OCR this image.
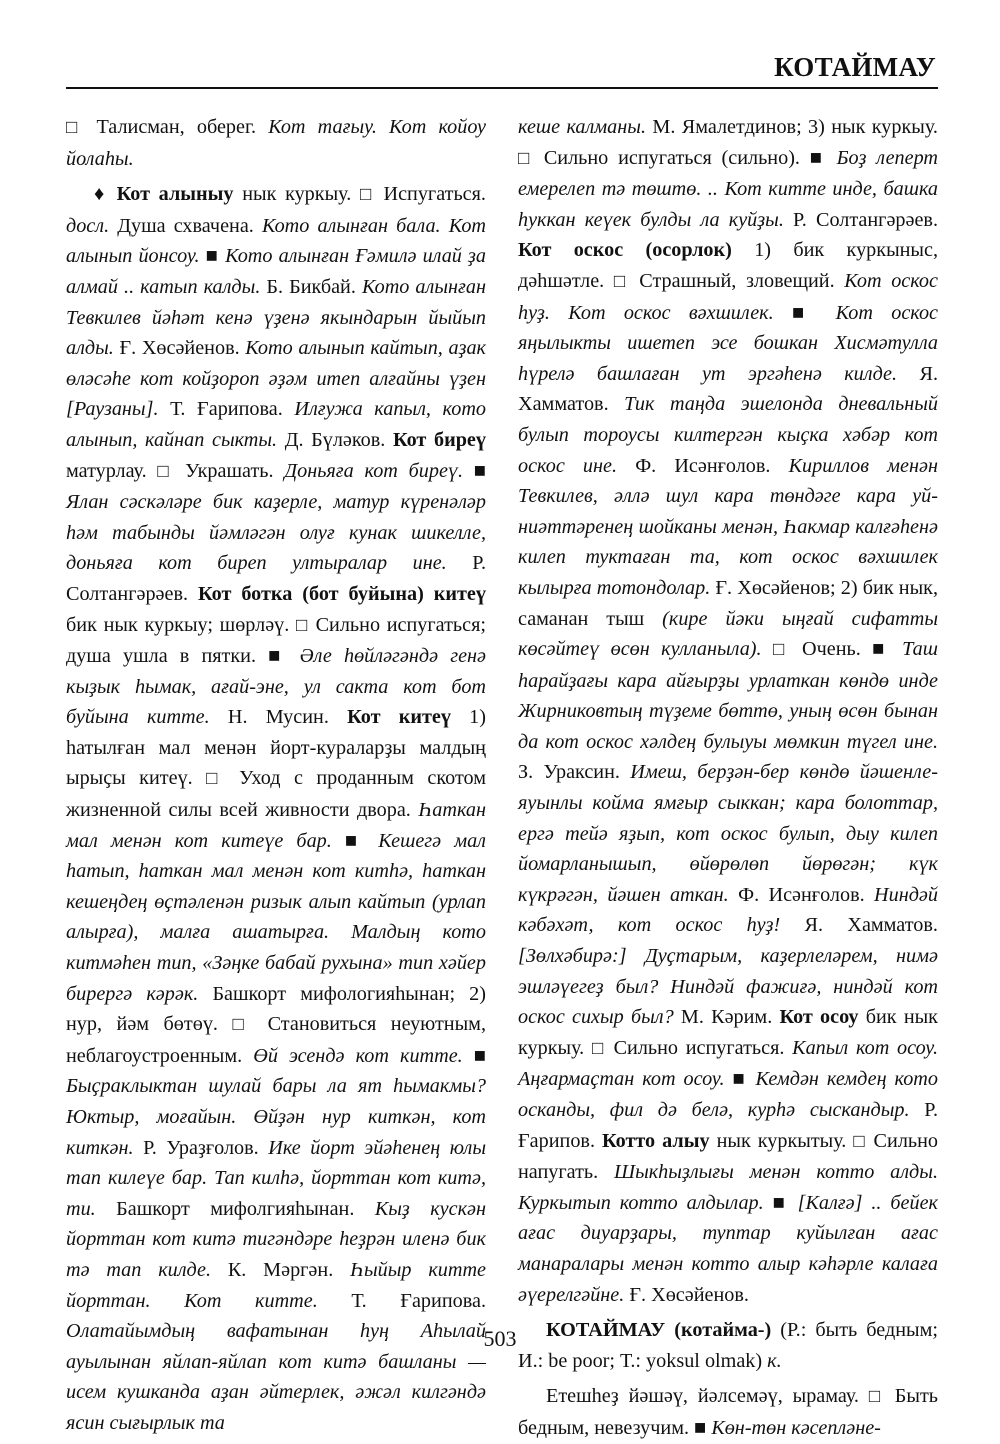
КОТАЙМАУ

□ Талисман, оберег. Кот тағыу. Кот койоу йолаһы.

♦ Кот алыныу нык куркыу. □ Испугаться. досл. Душа схвачена. Кото алынған бала. Кот алынып йонсоу. ■ Кото алынған Ғәмилә илай ҙа алмай .. катып калды. Б. Бикбай. Кото алынған Тевкилев йәһәт кенә үҙенә якындарын йыйып алды. Ғ. Хөсәйенов. Кото алынып кайтып, аҙак өләсәһе кот койҙороп әҙәм итеп алғайны үҙен [Раузаны]. Т. Ғарипова. Илғужа капыл, кото алынып, кайнап сыкты. Д. Бүләков. Кот биреү матурлау. □ Украшать. Доньяға кот биреү. ■ Ялан сәскәләре бик каҙерле, матур күренәләр һәм табынды йәмләгән олуғ кунак шикелле, доньяға кот биреп ултыралар ине. Р. Солтангәрәев. Кот ботка (бот буйына) китеү бик нык куркыу; шөрләү. □ Сильно испугаться; душа ушла в пятки. ■ Әле һөйләгәндә генә кыҙык һымак, ағай-эне, ул сакта кот бот буйына китте. Н. Мусин. Кот китеү 1) һатылған мал менән йорт-кураларҙы малдың ырыҫы китеү. □ Уход с проданным скотом жизненной силы всей живности двора. Һаткан мал менән кот китеүе бар. ■ Кешегә мал һатып, һаткан мал менән кот китһә, һаткан кешеңдең өҫтәленән ризык алып кайтып (урлап алырға), малға ашатырға. Малдың кото китмәһен тип, «Зәңке бабай рухына» тип хәйер бирергә кәрәк. Башкорт мифологияһынан; 2) нур, йәм бөтөү. □ Становиться неуютным, неблагоустроенным. Өй эсендә кот китте. ■ Быҫраклыктан шулай бары ла ят һымакмы? Юктыр, моғайын. Өйҙән нур киткән, кот киткән. Р. Ураҙғолов. Ике йорт эйәһенең юлы тап килеүе бар. Тап килһә, йорттан кот китә, ти. Башкорт мифолгияһынан. Кыҙ кускән йорттан кот китә тигәндәре һеҙрән иленә бик тә тап килде. К. Мәргән. Һыйыр китте йорттан. Кот китте. Т. Ғарипова. Олатайымдың вафатынан һуң Аһылай ауылынан яйлап-яйлап кот китә башланы — исем кушканда аҙан әйтерлек, әжәл килгәндә ясин сығырлык та

кеше калманы. М. Ямалетдинов; 3) нык куркыу. □ Сильно испугаться (сильно). ■ Боҙ леперт емерелеп тә төштө. .. Кот китте инде, башка һуккан кеүек булды ла куйҙы. Р. Солтангәрәев. Кот оскос (осорлок) 1) бик куркыныс, дәһшәтле. □ Страшный, зловещий. Кот оскос һуҙ. Кот оскос вәхшилек. ■ Кот оскос яңылыкты ишетеп эсе бошкан Хисмәтулла һүрелә башлаған ут эргәһенә килде. Я. Хамматов. Тик таңда эшелонда дневальный булып тороусы килтергән кыҫка хәбәр кот оскос ине. Ф. Исәнғолов. Кириллов менән Тевкилев, әллә шул кара төндәге кара уй-ниәттәренең шойканы менән, Һакмар калғәһенә килеп туктаған та, кот оскос вәхшилек кылырға тотондолар. Ғ. Хөсәйенов; 2) бик нык, саманан тыш (кире йәки ыңғай сифатты көсәйтеү өсөн кулланыла). □ Очень. ■ Таш һарайҙағы кара айғырҙы урлаткан көндө инде Жирниковтың түҙеме бөттө, уның өсөн бынан да кот оскос хәлдең булыуы мөмкин түгел ине. З. Ураксин. Имеш, берҙән-бер көндө йәшенле-яуынлы койма ямғыр сыккан; кара болоттар, ергә тейә яҙып, кот оскос булып, дыу килеп йомарланышып, өйөрөлөп йөрөгән; күк күкрәгән, йәшен аткан. Ф. Исәнғолов. Ниндәй кәбәхәт, кот оскос һуҙ! Я. Хамматов. [Зөлхәбирә:] Дуҫтарым, каҙерлеләрем, нимә эшләүегеҙ был? Ниндәй фажиғә, ниндәй кот оскос сихыр был? М. Кәрим. Кот осоу бик нык куркыу. □ Сильно испугаться. Капыл кот осоу. Аңғармаҫтан кот осоу. ■ Кемдән кемдең кото осканды, фил дә белә, курһә сыскандыр. Р. Ғарипов. Котто алыу нык куркытыу. □ Сильно напугать. Шыкһыҙлығы менән котто алды. Куркытып котто алдылар. ■ [Калғә] .. бейек ағас диуарҙары, туптар куйылған ағас манаралары менән котто алыр кәһәрле калаға әүерелгәйне. Ғ. Хөсәйенов.

КОТАЙМАУ (котайма-) (Р.: быть бедным; И.: be poor; Т.: yoksul olmak) к.

Етешһеҙ йәшәү, йәлсемәү, ырамау. □ Быть бедным, невезучим. ■ Көн-төн кәсепләне-

503
